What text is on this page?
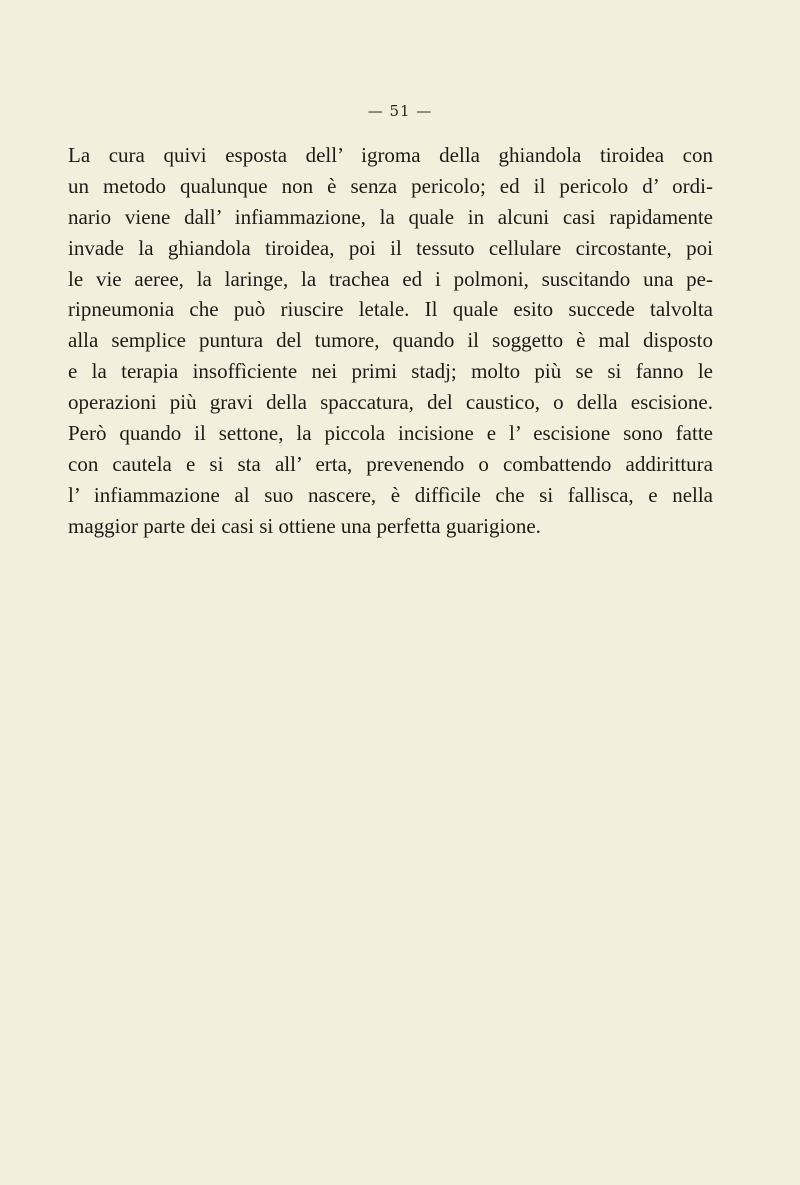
— 51 —
La cura quivi esposta dell’ igroma della ghiandola tiroidea con
un metodo qualunque non è senza pericolo; ed il pericolo d’ ordi-
nario viene dall’ infiammazione, la quale in alcuni casi rapidamente
invade la ghiandola tiroidea, poi il tessuto cellulare circostante, poi
le vie aeree, la laringe, la trachea ed i polmoni, suscitando una pe-
ripneumonia che può riuscire letale. Il quale esito succede talvolta
alla semplice puntura del tumore, quando il soggetto è mal disposto
e la terapia insoffìciente nei primi stadj; molto più se si fanno le
operazioni più gravi della spaccatura, del caustico, o della escisione.
Però quando il settone, la piccola incisione e l’ escisione sono fatte
con cautela e si sta all’ erta, prevenendo o combattendo addirittura
l’ infiammazione al suo nascere, è diffìcile che si fallisca, e nella
maggior parte dei casi si ottiene una perfetta guarigione.
